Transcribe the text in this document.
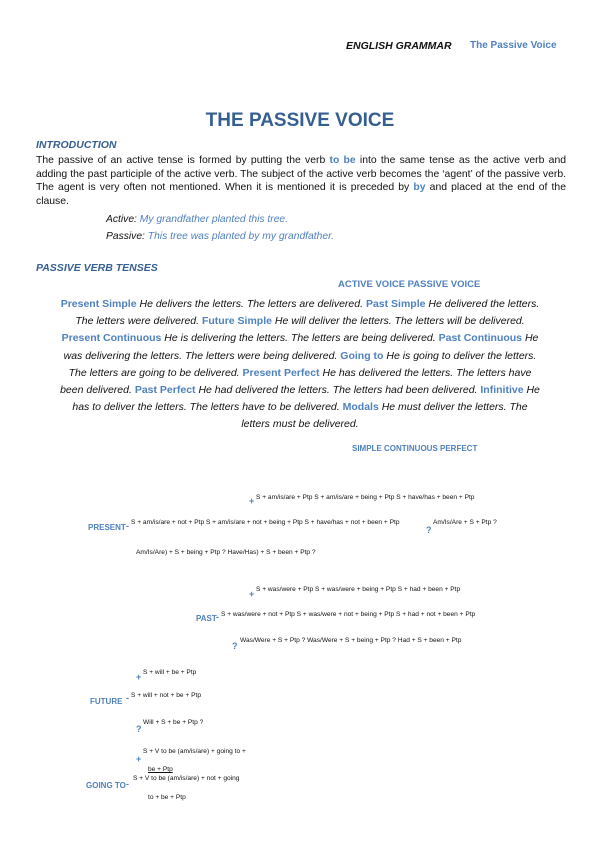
ENGLISH GRAMMAR The Passive Voice
THE PASSIVE VOICE
INTRODUCTION
The passive of an active tense is formed by putting the verb to be into the same tense as the active verb and adding the past participle of the active verb. The subject of the active verb becomes the ‘agent’ of the passive verb. The agent is very often not mentioned. When it is mentioned it is preceded by by and placed at the end of the clause.
Active: My grandfather planted this tree.
Passive: This tree was planted by my grandfather.
PASSIVE VERB TENSES
ACTIVE VOICE PASSIVE VOICE
Present Simple He delivers the letters. The letters are delivered. Past Simple He delivered the letters. The letters were delivered. Future Simple He will deliver the letters. The letters will be delivered. Present Continuous He is delivering the letters. The letters are being delivered. Past Continuous He was delivering the letters. The letters were being delivered. Going to He is going to deliver the letters. The letters are going to be delivered. Present Perfect He has delivered the letters. The letters have been delivered. Past Perfect He had delivered the letters. The letters had been delivered. Infinitive He has to deliver the letters. The letters have to be delivered. Modals He must deliver the letters. The letters must be delivered.
SIMPLE CONTINUOUS PERFECT
+ S + am/is/are + Ptp S + am/is/are + being + Ptp S + have/has + been + Ptp
PRESENT - S + am/is/are + not + Ptp S + am/is/are + not + being + Ptp S + have/has + not + been + Ptp
?
Am/Is/Are + S + Ptp ?
Am/Is/Are) + S + being + Ptp ? Have/Has) + S + been + Ptp ?
+ S + was/were + Ptp S + was/were + being + Ptp S + had + been + Ptp
PAST - S + was/were + not + Ptp S + was/were + not + being + Ptp S + had + not + been + Ptp
?
Was/Were + S + Ptp ? Was/Were + S + being + Ptp ? Had + S + been + Ptp
+ S + will + be + Ptp
FUTURE - S + will + not + be + Ptp
?
Will + S + be + Ptp ?
+
S + V to be (am/is/are) + going to +
be + Ptp
GOING TO -
S + V to be (am/is/are) + not + going
to + be + Ptp
